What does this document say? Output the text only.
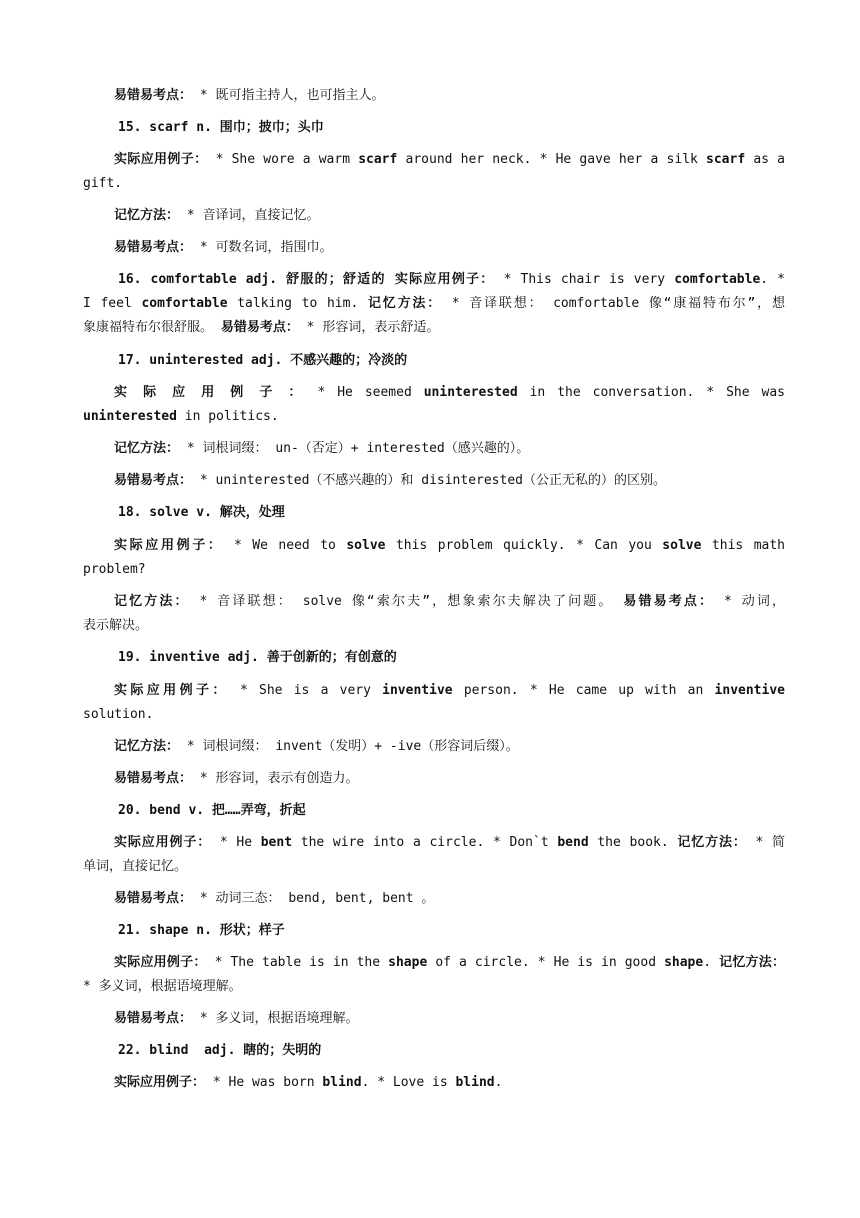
易错易考点： * 既可指主持人，也可指主人。
15. scarf n. 围巾；披巾；头巾
实际应用例子： * She wore a warm scarf around her neck. * He gave her a silk scarf as a
gift.
记忆方法： * 音译词，直接记忆。
易错易考点： * 可数名词，指围巾。
16. comfortable adj. 舒服的；舒适的 实际应用例子： * This chair is very comfortable. *
I feel comfortable talking to him. 记忆方法： * 音译联想： comfortable 像“康福特布尔”，想
象康福特布尔很舒服。 易错易考点： * 形容词，表示舒适。
17. uninterested adj. 不感兴趣的；冷淡的
实 际 应 用 例 子 ： * He seemed uninterested in the conversation. * She was
uninterested in politics.
记忆方法： * 词根词缀： un-（否定）+ interested（感兴趣的）。
易错易考点： * uninterested（不感兴趣的）和 disinterested（公正无私的）的区别。
18. solve v. 解决，处理
实际应用例子： * We need to solve this problem quickly. * Can you solve this math
problem?
记忆方法： * 音译联想： solve 像“索尔夫”，想象索尔夫解决了问题。 易错易考点： * 动词，
表示解决。
19. inventive adj. 善于创新的；有创意的
实际应用例子： * She is a very inventive person. * He came up with an inventive
solution.
记忆方法： * 词根词缀： invent（发明）+ -ive（形容词后缀）。
易错易考点： * 形容词，表示有创造力。
20. bend v. 把……弄弯，折起
实际应用例子： * He bent the wire into a circle. * Don`t bend the book. 记忆方法： * 简
单词，直接记忆。
易错易考点： * 动词三态： bend, bent, bent 。
21. shape n. 形状；样子
实际应用例子： * The table is in the shape of a circle. * He is in good shape. 记忆方法：
* 多义词，根据语境理解。
易错易考点： * 多义词，根据语境理解。
22. blind  adj. 瞎的；失明的
实际应用例子： * He was born blind. * Love is blind.
